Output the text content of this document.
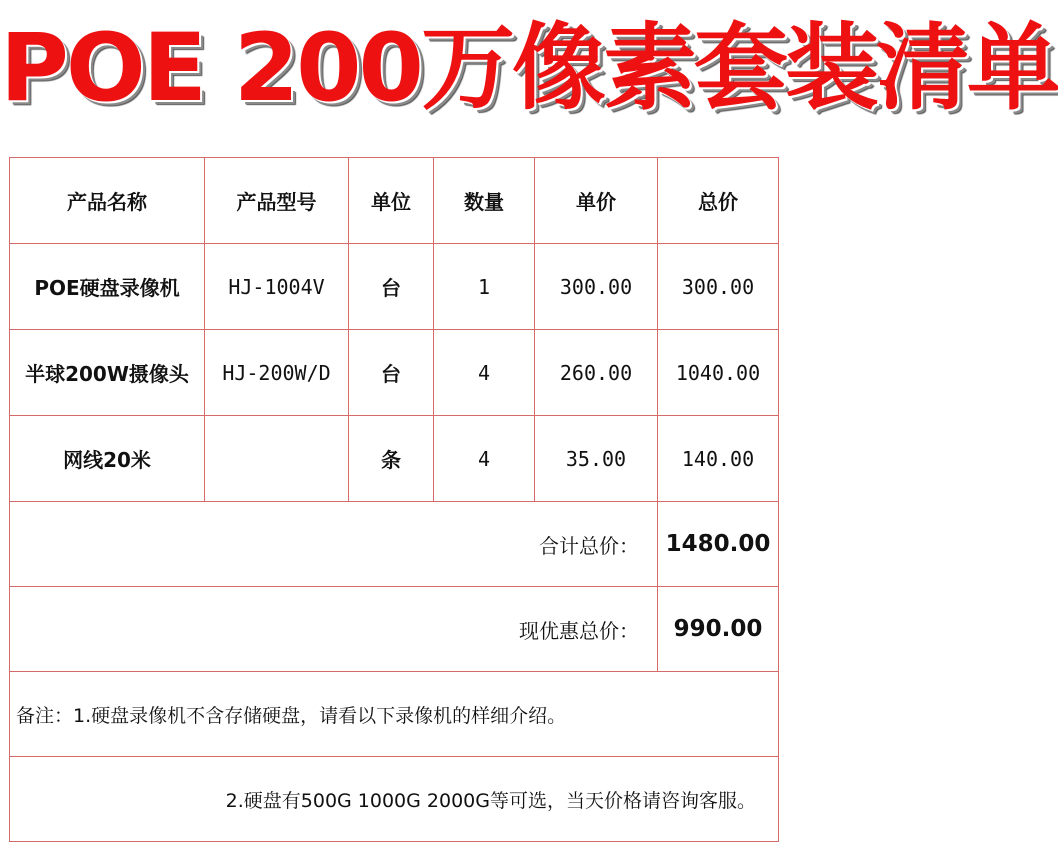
POE 200万像素套装清单
产品名称	产品型号	单位	数量	单价	总价
POE硬盘录像机	HJ-1004V	台	1	300.00	300.00
半球200W摄像头	HJ-200W/D	台	4	260.00	1040.00
网线20米		条	4	35.00	140.00
合计总价：					1480.00
现优惠总价：					990.00
备注：1.硬盘录像机不含存储硬盘，请看以下录像机的样细介绍。					
2.硬盘有500G 1000G 2000G等可选，当天价格请咨询客服。					
